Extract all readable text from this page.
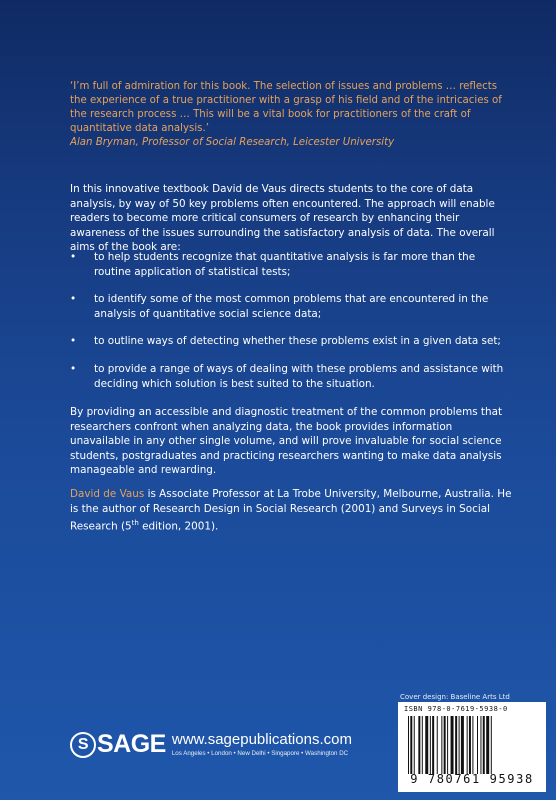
‘I’m full of admiration for this book. The selection of issues and problems … reflects the experience of a true practitioner with a grasp of his field and of the intricacies of the research process … This will be a vital book for practitioners of the craft of quantitative data analysis.’
Alan Bryman, Professor of Social Research, Leicester University
In this innovative textbook David de Vaus directs students to the core of data analysis, by way of 50 key problems often encountered. The approach will enable readers to become more critical consumers of research by enhancing their awareness of the issues surrounding the satisfactory analysis of data. The overall aims of the book are:
• to help students recognize that quantitative analysis is far more than the routine application of statistical tests;
• to identify some of the most common problems that are encountered in the analysis of quantitative social science data;
• to outline ways of detecting whether these problems exist in a given data set;
• to provide a range of ways of dealing with these problems and assistance with deciding which solution is best suited to the situation.
By providing an accessible and diagnostic treatment of the common problems that researchers confront when analyzing data, the book provides information unavailable in any other single volume, and will prove invaluable for social science students, postgraduates and practicing researchers wanting to make data analysis manageable and rewarding.
David de Vaus is Associate Professor at La Trobe University, Melbourne, Australia. He is the author of Research Design in Social Research (2001) and Surveys in Social Research (5th edition, 2001).
Cover design: Baseline Arts Ltd
ISBN 978-0-7619-5938-0
9 780761 95938
S SAGE www.sagepublications.com
Los Angeles • London • New Delhi • Singapore • Washington DC
